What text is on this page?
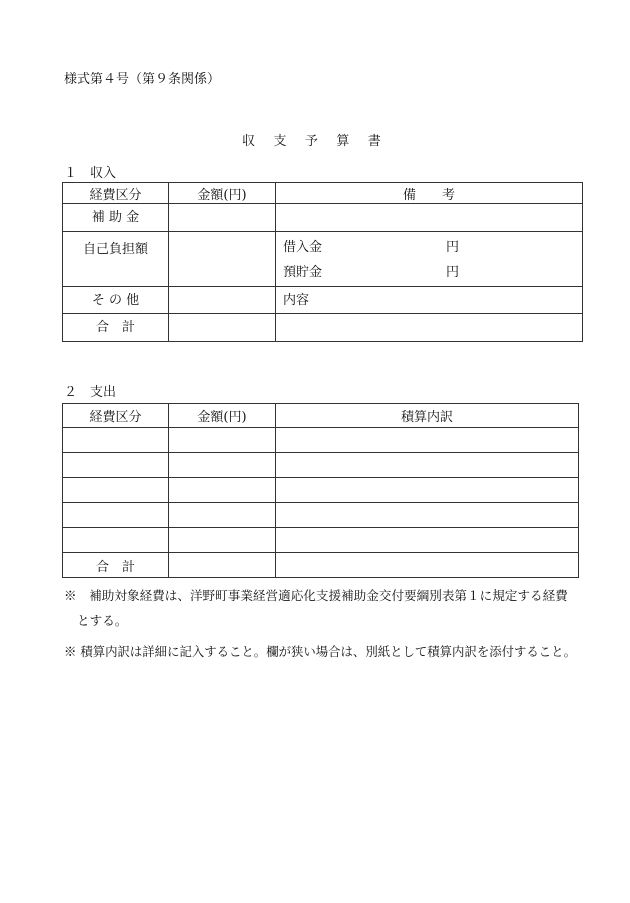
様式第４号（第９条関係）
収 支 予 算 書
１　収入
経費区分	金額(円)	備　　考
補 助 金		
自己負担額		借入金 円
預貯金 円

そ の 他		内容
合　計		
２　支出
経費区分	金額(円)	積算内訳

合　計		
※　補助対象経費は、洋野町事業経営適応化支援補助金交付要綱別表第１に規定する経費
とする。
※ 積算内訳は詳細に記入すること。欄が狭い場合は、別紙として積算内訳を添付すること。
